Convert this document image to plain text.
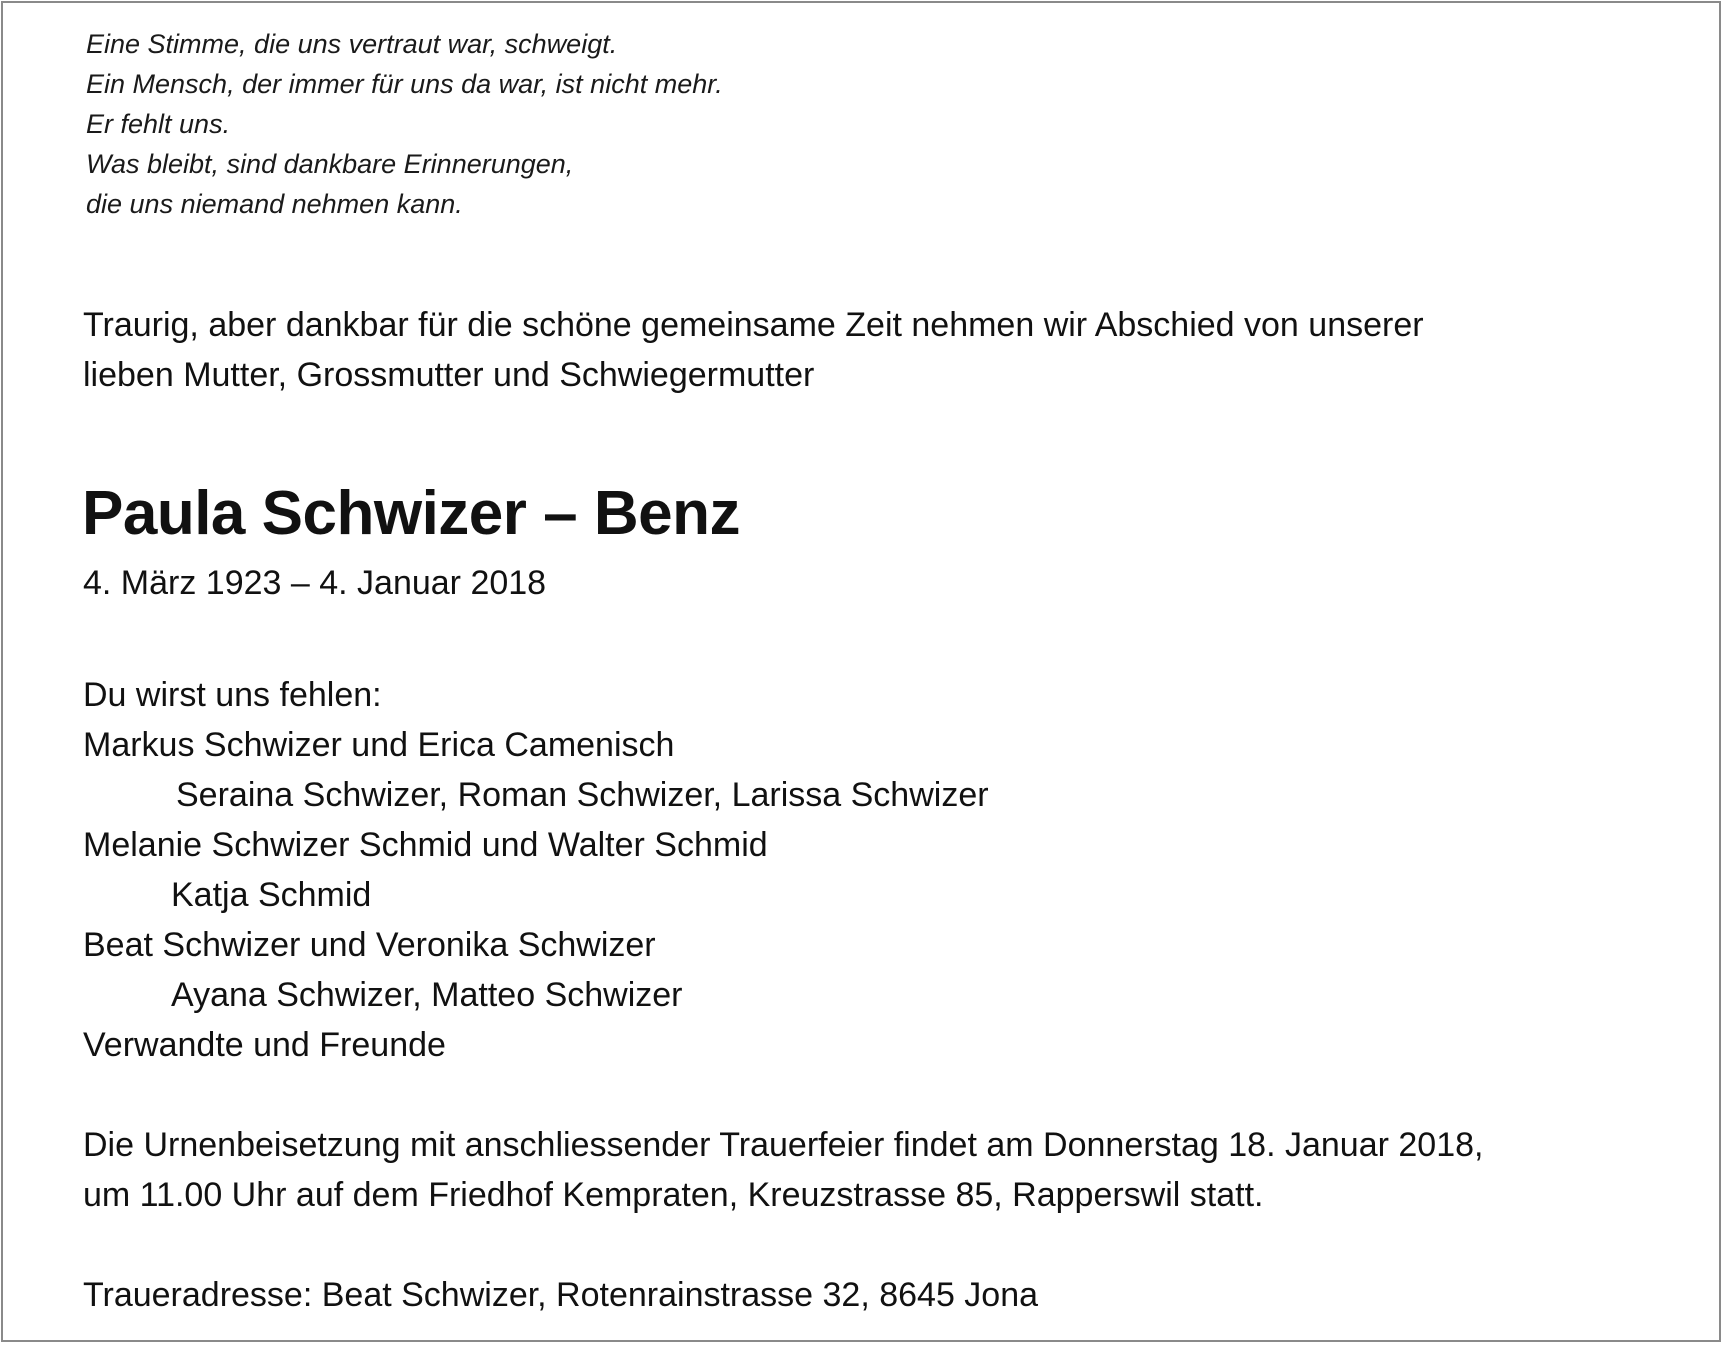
Eine Stimme, die uns vertraut war, schweigt.
Ein Mensch, der immer für uns da war, ist nicht mehr.
Er fehlt uns.
Was bleibt, sind dankbare Erinnerungen,
die uns niemand nehmen kann.
Traurig, aber dankbar für die schöne gemeinsame Zeit nehmen wir Abschied von unserer
lieben Mutter, Grossmutter und Schwiegermutter
Paula Schwizer – Benz
4. März 1923 – 4. Januar 2018
Du wirst uns fehlen:
Markus Schwizer und Erica Camenisch
Seraina Schwizer, Roman Schwizer, Larissa Schwizer
Melanie Schwizer Schmid und Walter Schmid
Katja Schmid
Beat Schwizer und Veronika Schwizer
Ayana Schwizer, Matteo Schwizer
Verwandte und Freunde
Die Urnenbeisetzung mit anschliessender Trauerfeier findet am Donnerstag 18. Januar 2018,
um 11.00 Uhr auf dem Friedhof Kempraten, Kreuzstrasse 85, Rapperswil statt.
Traueradresse: Beat Schwizer, Rotenrainstrasse 32, 8645 Jona
